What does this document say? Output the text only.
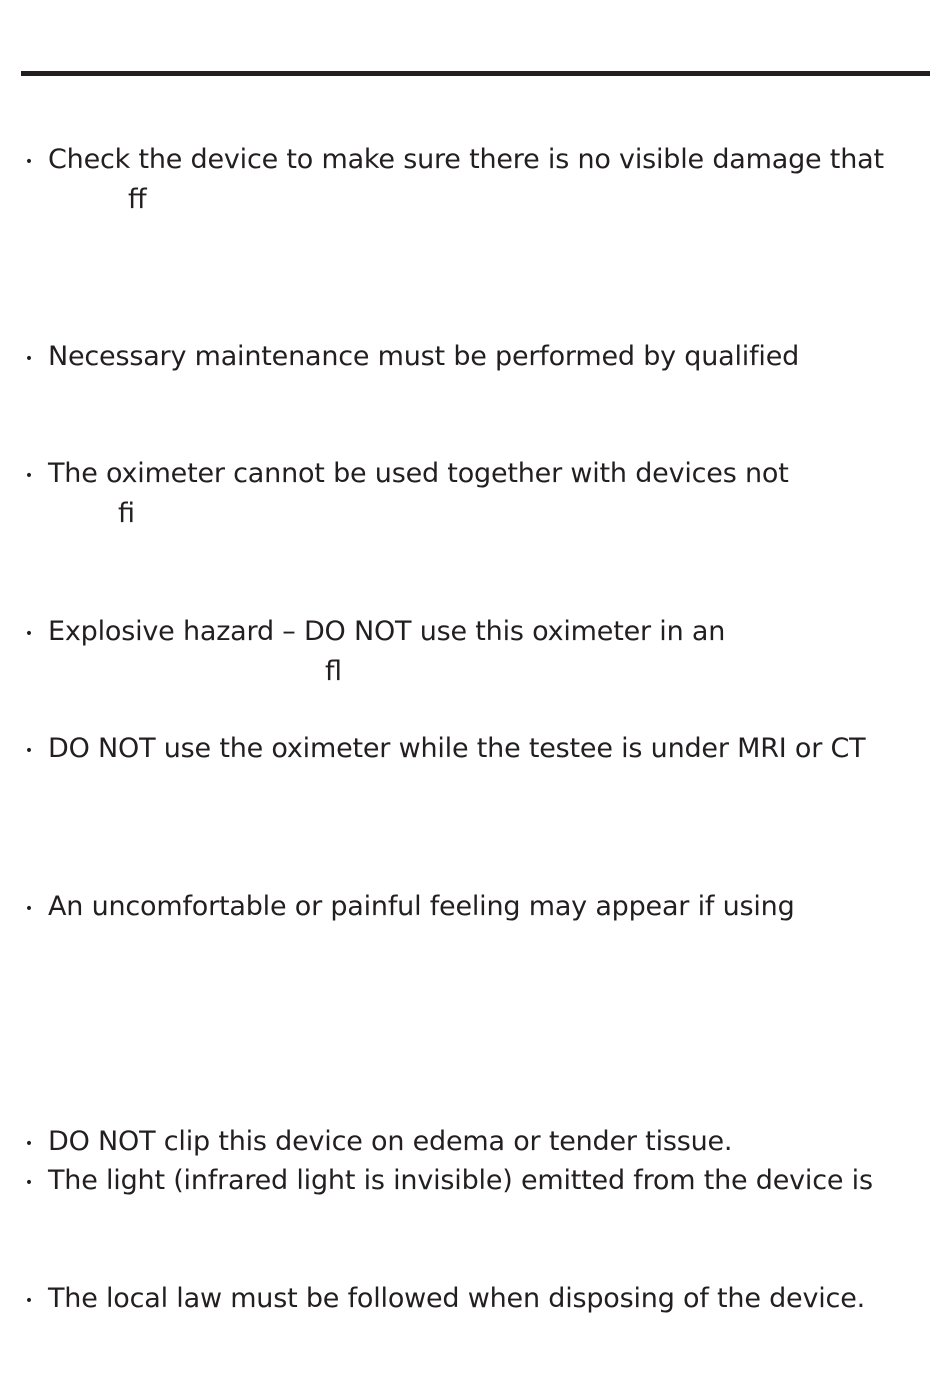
• Check the device to make sure there is no visible damage that
ff
• Necessary maintenance must be performed by qualified
• The oximeter cannot be used together with devices not
fi
• Explosive hazard – DO NOT use this oximeter in an
fl
• DO NOT use the oximeter while the testee is under MRI or CT
• An uncomfortable or painful feeling may appear if using
• DO NOT clip this device on edema or tender tissue.
• The light (infrared light is invisible) emitted from the device is
• The local law must be followed when disposing of the device.
